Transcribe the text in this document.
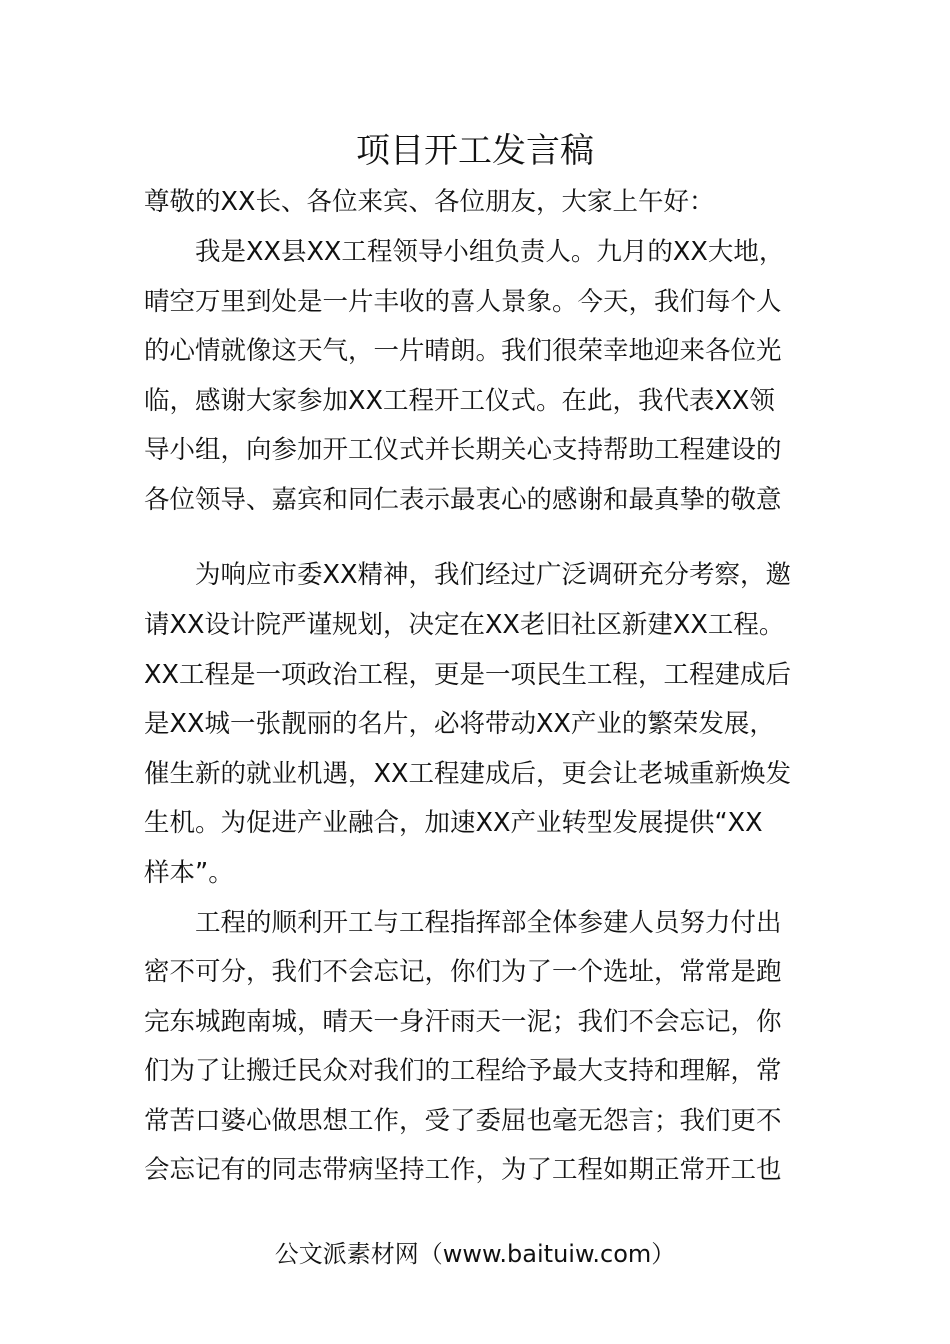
项目开工发言稿

尊敬的XX长、各位来宾、各位朋友，大家上午好：

我是XX县XX工程领导小组负责人。九月的XX大地，

晴空万里到处是一片丰收的喜人景象。今天，我们每个人

的心情就像这天气，一片晴朗。我们很荣幸地迎来各位光

临，感谢大家参加XX工程开工仪式。在此，我代表XX领

导小组，向参加开工仪式并长期关心支持帮助工程建设的

各位领导、嘉宾和同仁表示最衷心的感谢和最真挚的敬意

为响应市委XX精神，我们经过广泛调研充分考察，邀

请XX设计院严谨规划，决定在XX老旧社区新建XX工程。

XX工程是一项政治工程，更是一项民生工程，工程建成后

是XX城一张靓丽的名片，必将带动XX产业的繁荣发展，

催生新的就业机遇，XX工程建成后，更会让老城重新焕发

生机。为促进产业融合，加速XX产业转型发展提供“XX

样本”。

工程的顺利开工与工程指挥部全体参建人员努力付出

密不可分，我们不会忘记，你们为了一个选址，常常是跑

完东城跑南城，晴天一身汗雨天一泥；我们不会忘记，你

们为了让搬迁民众对我们的工程给予最大支持和理解，常

常苦口婆心做思想工作，受了委屈也毫无怨言；我们更不

会忘记有的同志带病坚持工作，为了工程如期正常开工也

公文派素材网（www.baituiw.com）
